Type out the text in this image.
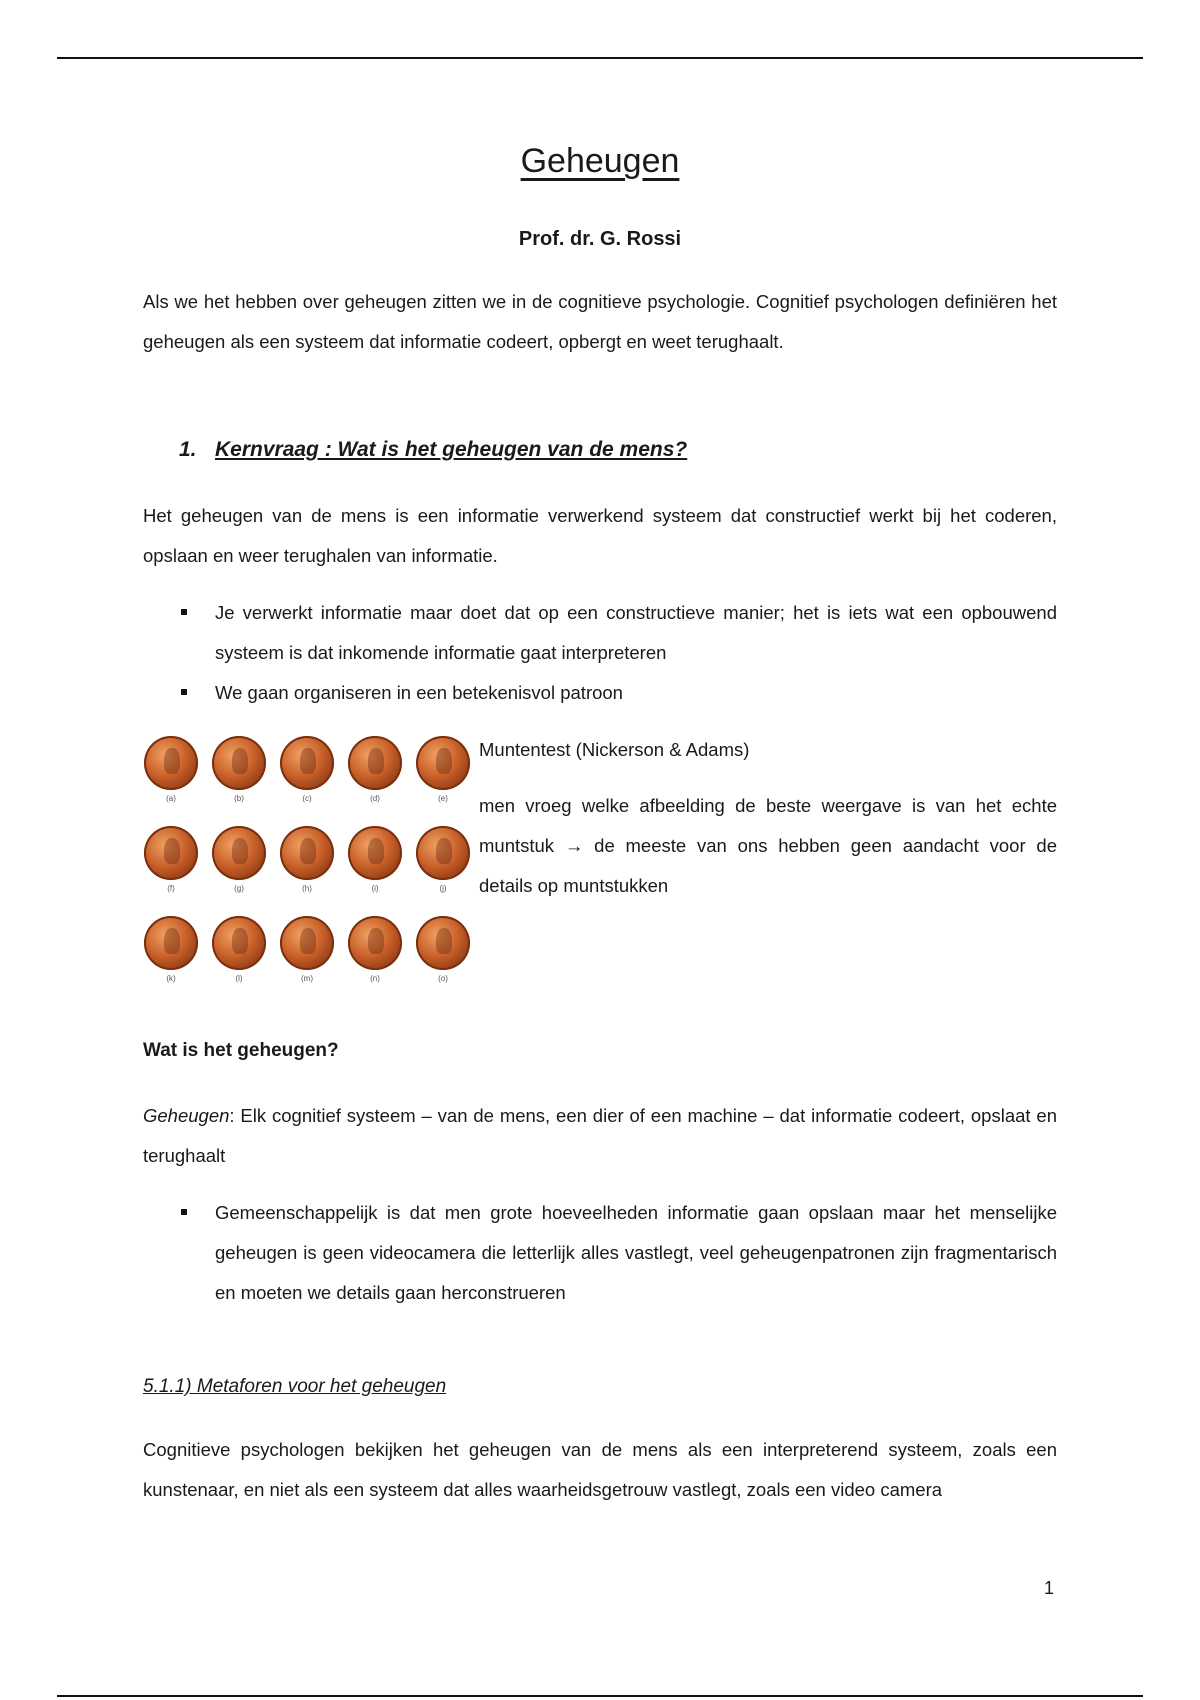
Geheugen
Prof. dr. G. Rossi

Als we het hebben over geheugen zitten we in de cognitieve psychologie. Cognitief psychologen definiëren het geheugen als een systeem dat informatie codeert, opbergt en weet terughaalt.

1. Kernvraag : Wat is het geheugen van de mens?

Het geheugen van de mens is een informatie verwerkend systeem dat constructief werkt bij het coderen, opslaan en weer terughalen van informatie.

Je verwerkt informatie maar doet dat op een constructieve manier; het is iets wat een opbouwend systeem is dat inkomende informatie gaat interpreteren
We gaan organiseren in een betekenisvol patroon
(a)	(b)	(c)	(d)	(e)
(f)	(g)	(h)	(i)	(j)
(k)	(l)	(m)	(n)	(o)
Muntentest (Nickerson & Adams)

men vroeg welke afbeelding de beste weergave is van het echte muntstuk → de meeste van ons hebben geen aandacht voor de details op muntstukken

Wat is het geheugen?

Geheugen: Elk cognitief systeem – van de mens, een dier of een machine – dat informatie codeert, opslaat en terughaalt

Gemeenschappelijk is dat men grote hoeveelheden informatie gaan opslaan maar het menselijke geheugen is geen videocamera die letterlijk alles vastlegt, veel geheugenpatronen zijn fragmentarisch en moeten we details gaan herconstrueren
5.1.1) Metaforen voor het geheugen

Cognitieve psychologen bekijken het geheugen van de mens als een interpreterend systeem, zoals een kunstenaar, en niet als een systeem dat alles waarheidsgetrouw vastlegt, zoals een video camera

1
